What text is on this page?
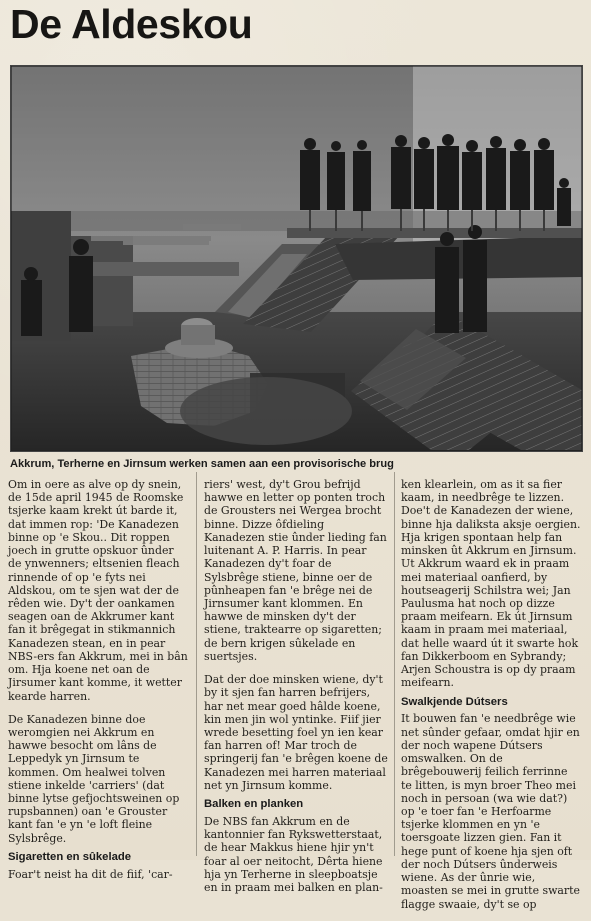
De Aldeskou

Akkrum, Terherne en Jirnsum werken samen aan een provisorische brug

Om in oere as alve op dy snein, de 15de april 1945 de Roomske tsjerke kaam krekt út barde it, dat immen rop: 'De Kanadezen binne op 'e Skou.. Dit roppen joech in grutte opskuor ûnder de ynwenners; eltsenien fleach rinnende of op 'e fyts nei Aldskou, om te sjen wat der de rêden wie. Dy't der oankamen seagen oan de Akkrumer kant fan it brêgegat in stikmannich Kanadezen stean, en in pear NBS-ers fan Akkrum, mei in bân om. Hja koene net oan de Jirsumer kant komme, it wetter kearde harren.

De Kanadezen binne doe weromgien nei Akkrum en hawwe besocht om lâns de Leppedyk yn Jirnsum te kommen. Om healwei tolven stiene inkelde 'carriers' (dat binne lytse gefjochtsweinen op rupsbannen) oan 'e Grouster kant fan 'e yn 'e loft fleine Sylsbrêge.

Sigaretten en sûkelade

Foar't neist ha dit de fiif, 'car-

riers' west, dy't Grou befrijd hawwe en letter op ponten troch de Grousters nei Wergea brocht binne. Dizze ôfdieling Kanadezen stie ûnder lieding fan luitenant A. P. Harris. In pear Kanadezen dy't foar de Sylsbrêge stiene, binne oer de pûnheapen fan 'e brêge nei de Jirnsumer kant klommen. En hawwe de minsken dy't der stiene, traktearre op sigaretten; de bern krigen sûkelade en suertsjes.

Dat der doe minsken wiene, dy't by it sjen fan harren befrijers, har net mear goed hâlde koene, kin men jin wol yntinke. Fiif jier wrede besetting foel yn ien kear fan harren of! Mar troch de springerij fan 'e brêgen koene de Kanadezen mei harren materiaal net yn Jirnsum komme.

Balken en planken

De NBS fan Akkrum en de kantonnier fan Rykswetterstaat, de hear Makkus hiene hjir yn't foar al oer neitocht, Dêrta hiene hja yn Terherne in sleepboatsje en in praam mei balken en plan-

ken klearlein, om as it sa fier kaam, in needbrêge te lizzen. Doe't de Kanadezen der wiene, binne hja daliksta aksje oergien. Hja krigen spontaan help fan minsken ût Akkrum en Jirnsum. Ut Akkrum waard ek in praam mei materiaal oanfierd, by houtseagerij Schilstra wei; Jan Paulusma hat noch op dizze praam meifearn. Ek út Jirnsum kaam in praam mei materiaal, dat helle waard út it swarte hok fan Dikkerboom en Sybrandy; Arjen Schoustra is op dy praam meifearn.

Swalkjende Dútsers

It bouwen fan 'e needbrêge wie net sûnder gefaar, omdat hjir en der noch wapene Dútsers omswalken. On de brêgebouwerij feilich ferrinne te litten, is myn broer Theo mei noch in persoan (wa wie dat?) op 'e toer fan 'e Herfoarme tsjerke klommen en yn 'e toersgoate lizzen gien. Fan it hege punt of koene hja sjen oft der noch Dútsers ûnderweis wiene. As der ûnrie wie, moasten se mei in grutte swarte flagge swaaie, dy't se op
